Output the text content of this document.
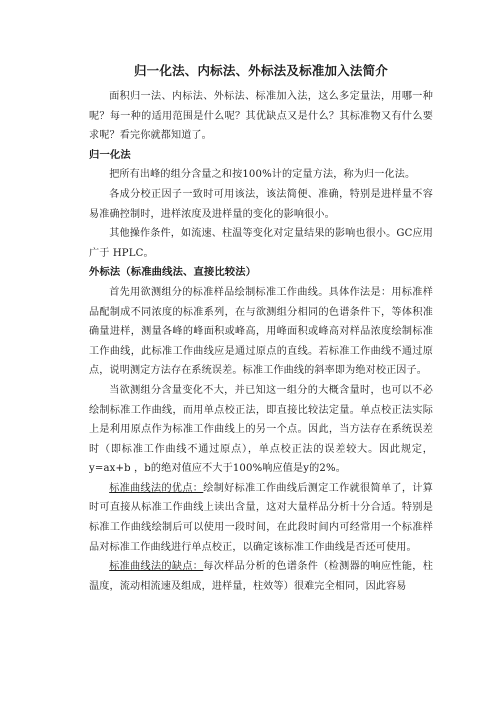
归一化法、内标法、外标法及标准加入法简介

面积归一法、内标法、外标法、标准加入法，这么多定量法，用哪一种呢？每一种的适用范围是什么呢？其优缺点又是什么？其标准物又有什么要求呢？看完你就都知道了。

归一化法

把所有出峰的组分含量之和按100%计的定量方法，称为归一化法。

各成分校正因子一致时可用该法，该法简便、准确，特别是进样量不容易准确控制时，进样浓度及进样量的变化的影响很小。

其他操作条件，如流速、柱温等变化对定量结果的影响也很小。GC应用广于 HPLC。

外标法（标准曲线法、直接比较法）

首先用欲测组分的标准样品绘制标准工作曲线。具体作法是：用标准样品配制成不同浓度的标准系列，在与欲测组分相同的色谱条件下，等体积准确量进样，测量各峰的峰面积或峰高，用峰面积或峰高对样品浓度绘制标准工作曲线，此标准工作曲线应是通过原点的直线。若标准工作曲线不通过原点，说明测定方法存在系统误差。标准工作曲线的斜率即为绝对校正因子。

当欲测组分含量变化不大，并已知这一组分的大概含量时，也可以不必绘制标准工作曲线，而用单点校正法，即直接比较法定量。单点校正法实际上是利用原点作为标准工作曲线上的另一个点。因此，当方法存在系统误差时（即标准工作曲线不通过原点），单点校正法的误差较大。因此规定，y=ax+b ，b的绝对值应不大于100%响应值是y的2%。

标准曲线法的优点：绘制好标准工作曲线后测定工作就很简单了，计算时可直接从标准工作曲线上读出含量，这对大量样品分析十分合适。特别是标准工作曲线绘制后可以使用一段时间，在此段时间内可经常用一个标准样品对标准工作曲线进行单点校正，以确定该标准工作曲线是否还可使用。

标准曲线法的缺点：每次样品分析的色谱条件（检测器的响应性能，柱温度，流动相流速及组成，进样量，柱效等）很难完全相同，因此容易
